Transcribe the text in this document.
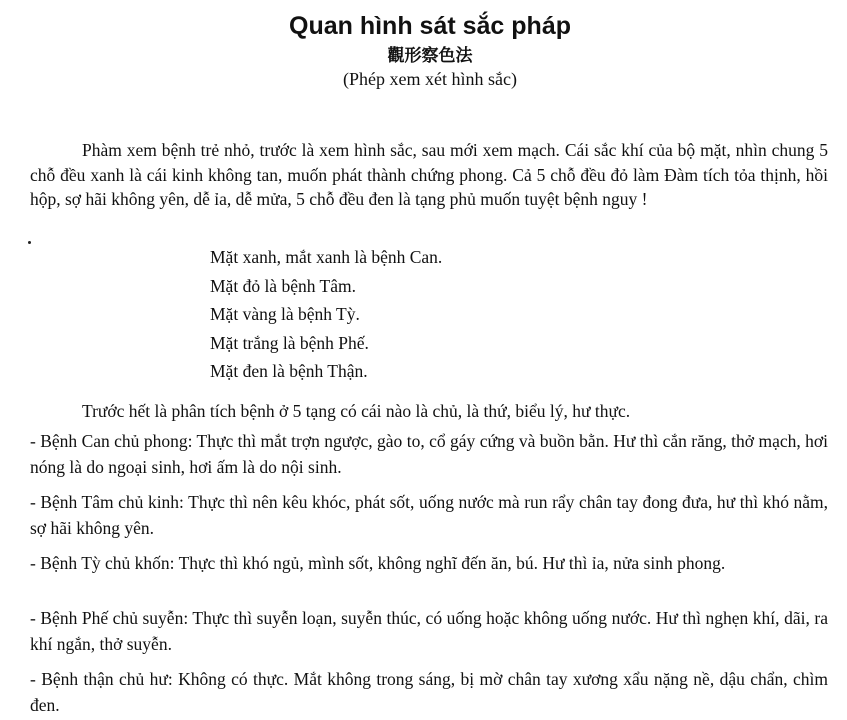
Quan hình sát sắc pháp
觀形察色法
(Phép xem xét hình sắc)

Phàm xem bệnh trẻ nhỏ, trước là xem hình sắc, sau mới xem mạch. Cái sắc khí của bộ mặt, nhìn chung 5 chỗ đều xanh là cái kinh không tan, muốn phát thành chứng phong. Cả 5 chỗ đều đỏ làm Đàm tích tỏa thịnh, hồi hộp, sợ hãi không yên, dễ ỉa, dễ mửa, 5 chỗ đều đen là tạng phủ muốn tuyệt bệnh nguy !

Mặt xanh, mắt xanh là bệnh Can.
Mặt đỏ là bệnh Tâm.
Mặt vàng là bệnh Tỳ.
Mặt trắng là bệnh Phế.
Mặt đen là bệnh Thận.

Trước hết là phân tích bệnh ở 5 tạng có cái nào là chủ, là thứ, biểu lý, hư thực.

- Bệnh Can chủ phong: Thực thì mắt trợn ngược, gào to, cổ gáy cứng và buồn bằn. Hư thì cắn răng, thở mạch, hơi nóng là do ngoại sinh, hơi ấm là do nội sinh.

- Bệnh Tâm chủ kinh: Thực thì nên kêu khóc, phát sốt, uống nước mà run rẩy chân tay đong đưa, hư thì khó nằm, sợ hãi không yên.

- Bệnh Tỳ chủ khốn: Thực thì khó ngủ, mình sốt, không nghĩ đến ăn, bú. Hư thì ỉa, nửa sinh phong.

- Bệnh Phế chủ suyễn: Thực thì suyễn loạn, suyễn thúc, có uống hoặc không uống nước. Hư thì nghẹn khí, dãi, ra khí ngắn, thở suyễn.

- Bệnh thận chủ hư: Không có thực. Mắt không trong sáng, bị mờ chân tay xương xẩu nặng nề, dậu chẩn, chìm đen.
